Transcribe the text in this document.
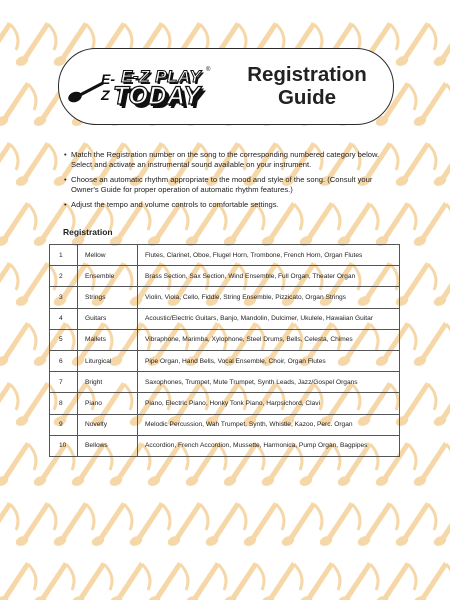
E-Z
E-Z PLAY
TODAY
®	Registration
Guide
• Match the Registration number on the song to the corresponding numbered category below. Select and activate an instrumental sound available on your instrument.
• Choose an automatic rhythm appropriate to the mood and style of the song. (Consult your Owner's Guide for proper operation of automatic rhythm features.)
• Adjust the tempo and volume controls to comfortable settings.
Registration
1	Mellow	Flutes, Clarinet, Oboe, Flugel Horn, Trombone, French Horn, Organ Flutes
2	Ensemble	Brass Section, Sax Section, Wind Ensemble, Full Organ, Theater Organ
3	Strings	Violin, Viola, Cello, Fiddle, String Ensemble, Pizzicato, Organ Strings
4	Guitars	Acoustic/Electric Guitars, Banjo, Mandolin, Dulcimer, Ukulele, Hawaiian Guitar
5	Mallets	Vibraphone, Marimba, Xylophone, Steel Drums, Bells, Celesta, Chimes
6	Liturgical	Pipe Organ, Hand Bells, Vocal Ensemble, Choir, Organ Flutes
7	Bright	Saxophones, Trumpet, Mute Trumpet, Synth Leads, Jazz/Gospel Organs
8	Piano	Piano, Electric Piano, Honky Tonk Piano, Harpsichord, Clavi
9	Novelty	Melodic Percussion, Wah Trumpet, Synth, Whistle, Kazoo, Perc. Organ
10	Bellows	Accordion, French Accordion, Mussette, Harmonica, Pump Organ, Bagpipes
